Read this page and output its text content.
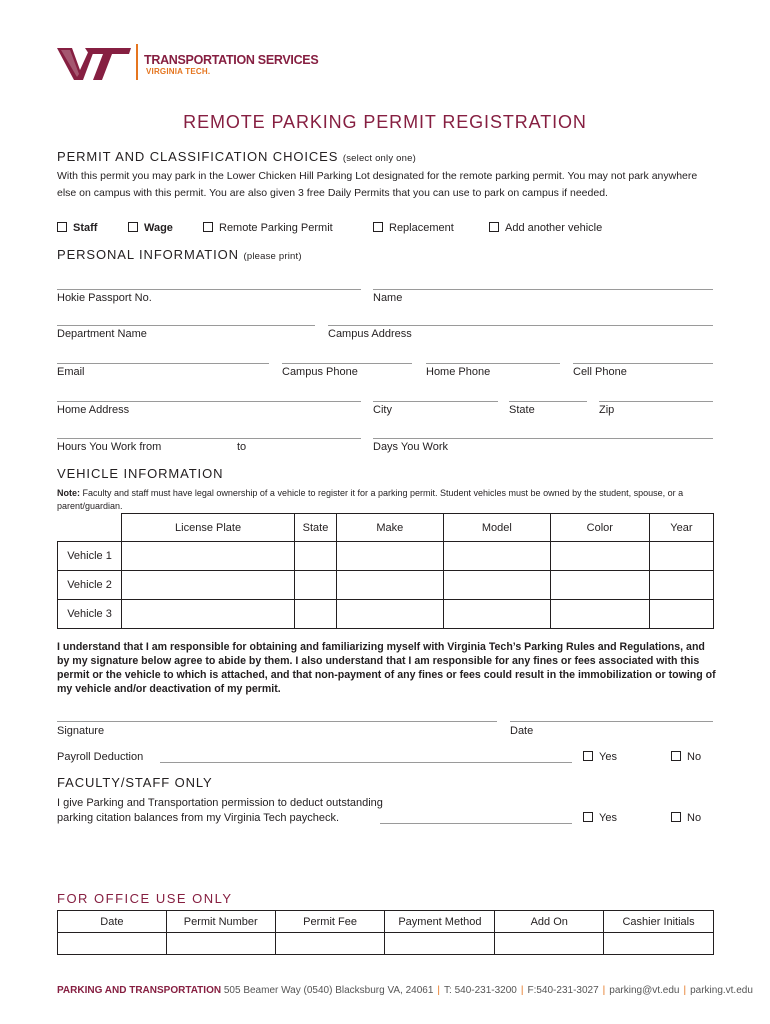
TRANSPORTATION SERVICES
VIRGINIA TECH.
REMOTE PARKING PERMIT REGISTRATION
PERMIT AND CLASSIFICATION CHOICES (select only one)
With this permit you may park in the Lower Chicken Hill Parking Lot designated for the remote parking permit. You may not park anywhere else on campus with this permit. You are also given 3 free Daily Permits that you can use to park on campus if needed.
Staff	Wage	Remote Parking Permit	Replacement	Add another vehicle
PERSONAL INFORMATION (please print)
Hokie Passport No.	Name
Department Name	Campus Address
Email	Campus Phone	Home Phone	Cell Phone
Home Address	City	State	Zip
Hours You Work from	to	Days You Work
VEHICLE INFORMATION
Note: Faculty and staff must have legal ownership of a vehicle to register it for a parking permit. Student vehicles must be owned by the student, spouse, or a parent/guardian.
	License Plate	State	Make	Model	Color	Year
Vehicle 1						
Vehicle 2						
Vehicle 3						
I understand that I am responsible for obtaining and familiarizing myself with Virginia Tech’s Parking Rules and Regulations, and by my signature below agree to abide by them. I also understand that I am responsible for any fines or fees associated with this permit or the vehicle to which is attached, and that non-payment of any fines or fees could result in the immobilization or towing of my vehicle and/or deactivation of my permit.
Signature	Date
Payroll Deduction	Yes	No
FACULTY/STAFF ONLY
I give Parking and Transportation permission to deduct outstanding
parking citation balances from my Virginia Tech paycheck.	Yes	No
FOR OFFICE USE ONLY
Date	Permit Number	Permit Fee	Payment Method	Add On	Cashier Initials

PARKING AND TRANSPORTATION 505 Beamer Way (0540) Blacksburg VA, 24061 | T: 540-231-3200 | F:540-231-3027 | parking@vt.edu | parking.vt.edu
